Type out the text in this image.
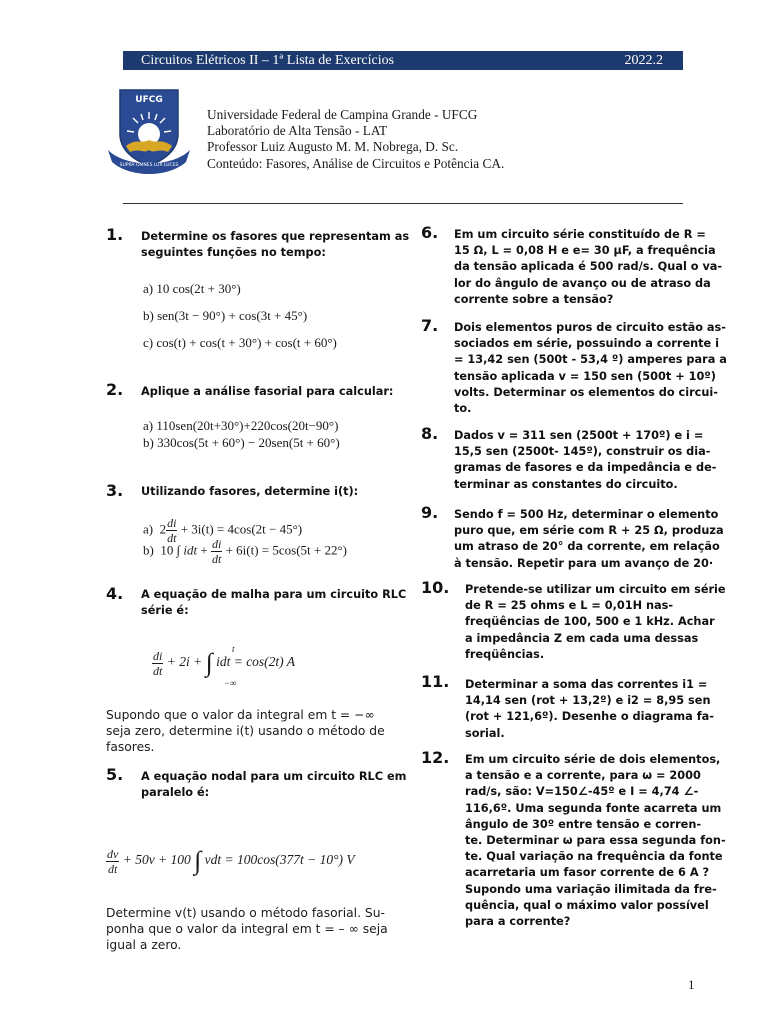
Circuitos Elétricos II – 1ª Lista de Exercícios	2022.2
UFCG
SUPRA OMNES LUX LUCES
Universidade Federal de Campina Grande - UFCG
Laboratório de Alta Tensão - LAT
Professor Luiz Augusto M. M. Nobrega, D. Sc.
Conteúdo: Fasores, Análise de Circuitos e Potência CA.
1. Determine os fasores que representam as
seguintes funções no tempo:
a) 10 cos(2t + 30°)
b) sen(3t − 90°) + cos(3t + 45°)
c) cos(t) + cos(t + 30°) + cos(t + 60°)
2. Aplique a análise fasorial para calcular:
a) 110sen(20t+30°)+220cos(20t−90°)
b) 330cos(5t + 60°) − 20sen(5t + 60°)
3. Utilizando fasores, determine i(t):
a)  $2 \frac{di}{dt} + 3i(t) = 4\cos(2t - 45^\circ)$
b)  10 ∫ idt + $\frac{di}{dt} + 6i(t) = 5\cos(5t + 22^\circ)$
4. A equação de malha para um circuito RLC
série é:
$\frac{di}{dt} + 2i$ + ∫ t
−∞
idt = cos(2t) A
Supondo que o valor da integral em t = −∞
seja zero, determine i(t) usando o método de
fasores.
5. A equação nodal para um circuito RLC em
paralelo é:
$\frac{dv}{dt} + 50v + 100$ ∫ vdt = 100cos(377t − 10°) V
Determine v(t) usando o método fasorial. Su-
ponha que o valor da integral em t = – ∞ seja
igual a zero.
6. Em um circuito série constituído de R =
15 Ω, L = 0,08 H e e= 30 μF, a frequência
da tensão aplicada é 500 rad/s. Qual o va-
lor do ângulo de avanço ou de atraso da
corrente sobre a tensão?
7. Dois elementos puros de circuito estão as-
sociados em série, possuindo a corrente i
= 13,42 sen (500t - 53,4 º) amperes para a
tensão aplicada v = 150 sen (500t + 10º)
volts. Determinar os elementos do circui-
to.
8. Dados v = 311 sen (2500t + 170º) e i =
15,5 sen (2500t- 145º), construir os dia-
gramas de fasores e da impedância e de-
terminar as constantes do circuito.
9. Sendo f = 500 Hz, determinar o elemento
puro que, em série com R + 25 Ω, produza
um atraso de 20° da corrente, em relação
à tensão. Repetir para um avanço de 20·
10. Pretende-se utilizar um circuito em série
de R = 25 ohms e L = 0,01H nas-
freqüências de 100, 500 e 1 kHz. Achar
a impedância Z em cada uma dessas
freqüências.
11. Determinar a soma das correntes i1 =
14,14 sen (rot + 13,2º) e i2 = 8,95 sen
(rot + 121,6º). Desenhe o diagrama fa-
sorial.
12. Em um circuito série de dois elementos,
a tensão e a corrente, para ω = 2000
rad/s, são: V=150∠-45º e I = 4,74 ∠-
116,6º. Uma segunda fonte acarreta um
ângulo de 30º entre tensão e corren-
te. Determinar ω para essa segunda fon-
te. Qual variação na frequência da fonte
acarretaria um fasor corrente de 6 A ?
Supondo uma variação ilimitada da fre-
quência, qual o máximo valor possível
para a corrente?
1
